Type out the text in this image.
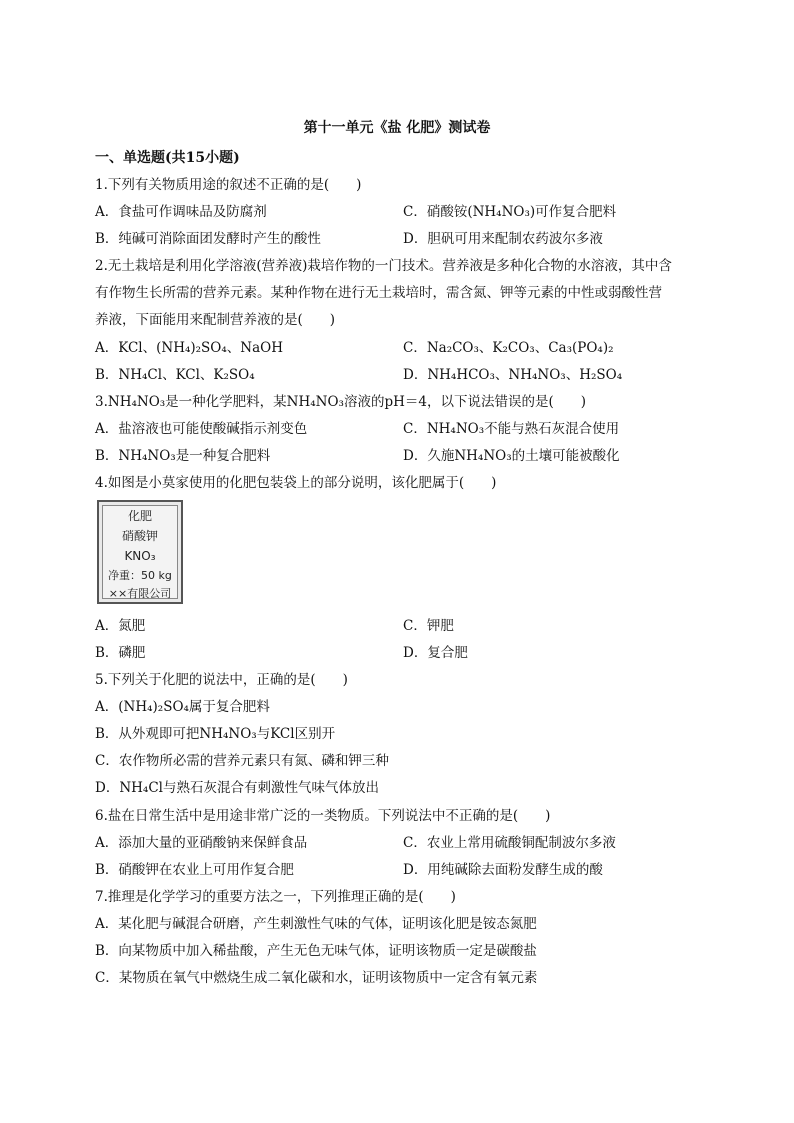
第十一单元《盐 化肥》测试卷
一、单选题(共15小题)
1.下列有关物质用途的叙述不正确的是(　　)
A．食盐可作调味品及防腐剂	C．硝酸铵(NH₄NO₃)可作复合肥料
B．纯碱可消除面团发酵时产生的酸性	D．胆矾可用来配制农药波尔多液
2.无土栽培是利用化学溶液(营养液)栽培作物的一门技术。营养液是多种化合物的水溶液，其中含
有作物生长所需的营养元素。某种作物在进行无土栽培时，需含氮、钾等元素的中性或弱酸性营
养液，下面能用来配制营养液的是(　　)
A．KCl、(NH₄)₂SO₄、NaOH	C．Na₂CO₃、K₂CO₃、Ca₃(PO₄)₂
B．NH₄Cl、KCl、K₂SO₄	D．NH₄HCO₃、NH₄NO₃、H₂SO₄
3.NH₄NO₃是一种化学肥料，某NH₄NO₃溶液的pH＝4，以下说法错误的是(　　)
A．盐溶液也可能使酸碱指示剂变色	C．NH₄NO₃不能与熟石灰混合使用
B．NH₄NO₃是一种复合肥料	D．久施NH₄NO₃的土壤可能被酸化
4.如图是小莫家使用的化肥包装袋上的部分说明，该化肥属于(　　)
化肥
硝酸钾
KNO₃
净重：50 kg
××有限公司
A．氮肥	C．钾肥
B．磷肥	D．复合肥
5.下列关于化肥的说法中，正确的是(　　)
A．(NH₄)₂SO₄属于复合肥料
B．从外观即可把NH₄NO₃与KCl区别开
C．农作物所必需的营养元素只有氮、磷和钾三种
D．NH₄Cl与熟石灰混合有刺激性气味气体放出
6.盐在日常生活中是用途非常广泛的一类物质。下列说法中不正确的是(　　)
A．添加大量的亚硝酸钠来保鲜食品	C．农业上常用硫酸铜配制波尔多液
B．硝酸钾在农业上可用作复合肥	D．用纯碱除去面粉发酵生成的酸
7.推理是化学学习的重要方法之一，下列推理正确的是(　　)
A．某化肥与碱混合研磨，产生刺激性气味的气体，证明该化肥是铵态氮肥
B．向某物质中加入稀盐酸，产生无色无味气体，证明该物质一定是碳酸盐
C．某物质在氧气中燃烧生成二氧化碳和水，证明该物质中一定含有氧元素
